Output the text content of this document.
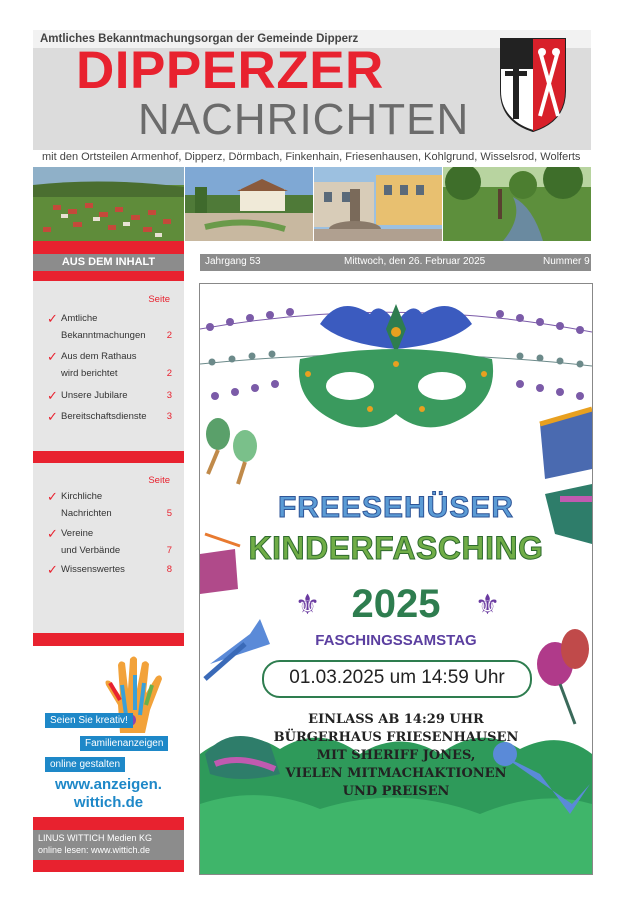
Amtliches Bekanntmachungsorgan der Gemeinde Dipperz
DIPPERZER
NACHRICHTEN
mit den Ortsteilen Armenhof, Dipperz, Dörmbach, Finkenhain, Friesenhausen, Kohlgrund, Wisselsrod, Wolferts
AUS DEM INHALT
Seite
✓ Amtliche
Bekanntmachungen 2
✓ Aus dem Rathaus
wird berichtet	2
✓ Unsere Jubilare	3
✓ Bereitschaftsdienste 3
Seite
✓ Kirchliche
Nachrichten	5
✓ Vereine
und Verbände	7
✓ Wissenswertes	8
Seien Sie kreativ!
Familienanzeigen
online gestalten
www.anzeigen.
wittich.de
LINUS WITTICH Medien KG
online lesen: www.wittich.de
Jahrgang 53	Mittwoch, den 26. Februar 2025	Nummer 9
⚜	⚜
FREESEHÜSER
KINDERFASCHING
2025
FASCHINGSSAMSTAG
01.03.2025 um 14:59 Uhr
EINLASS AB 14:29 UHR
BÜRGERHAUS FRIESENHAUSEN
MIT SHERIFF JONES,
VIELEN MITMACHAKTIONEN
UND PREISEN
